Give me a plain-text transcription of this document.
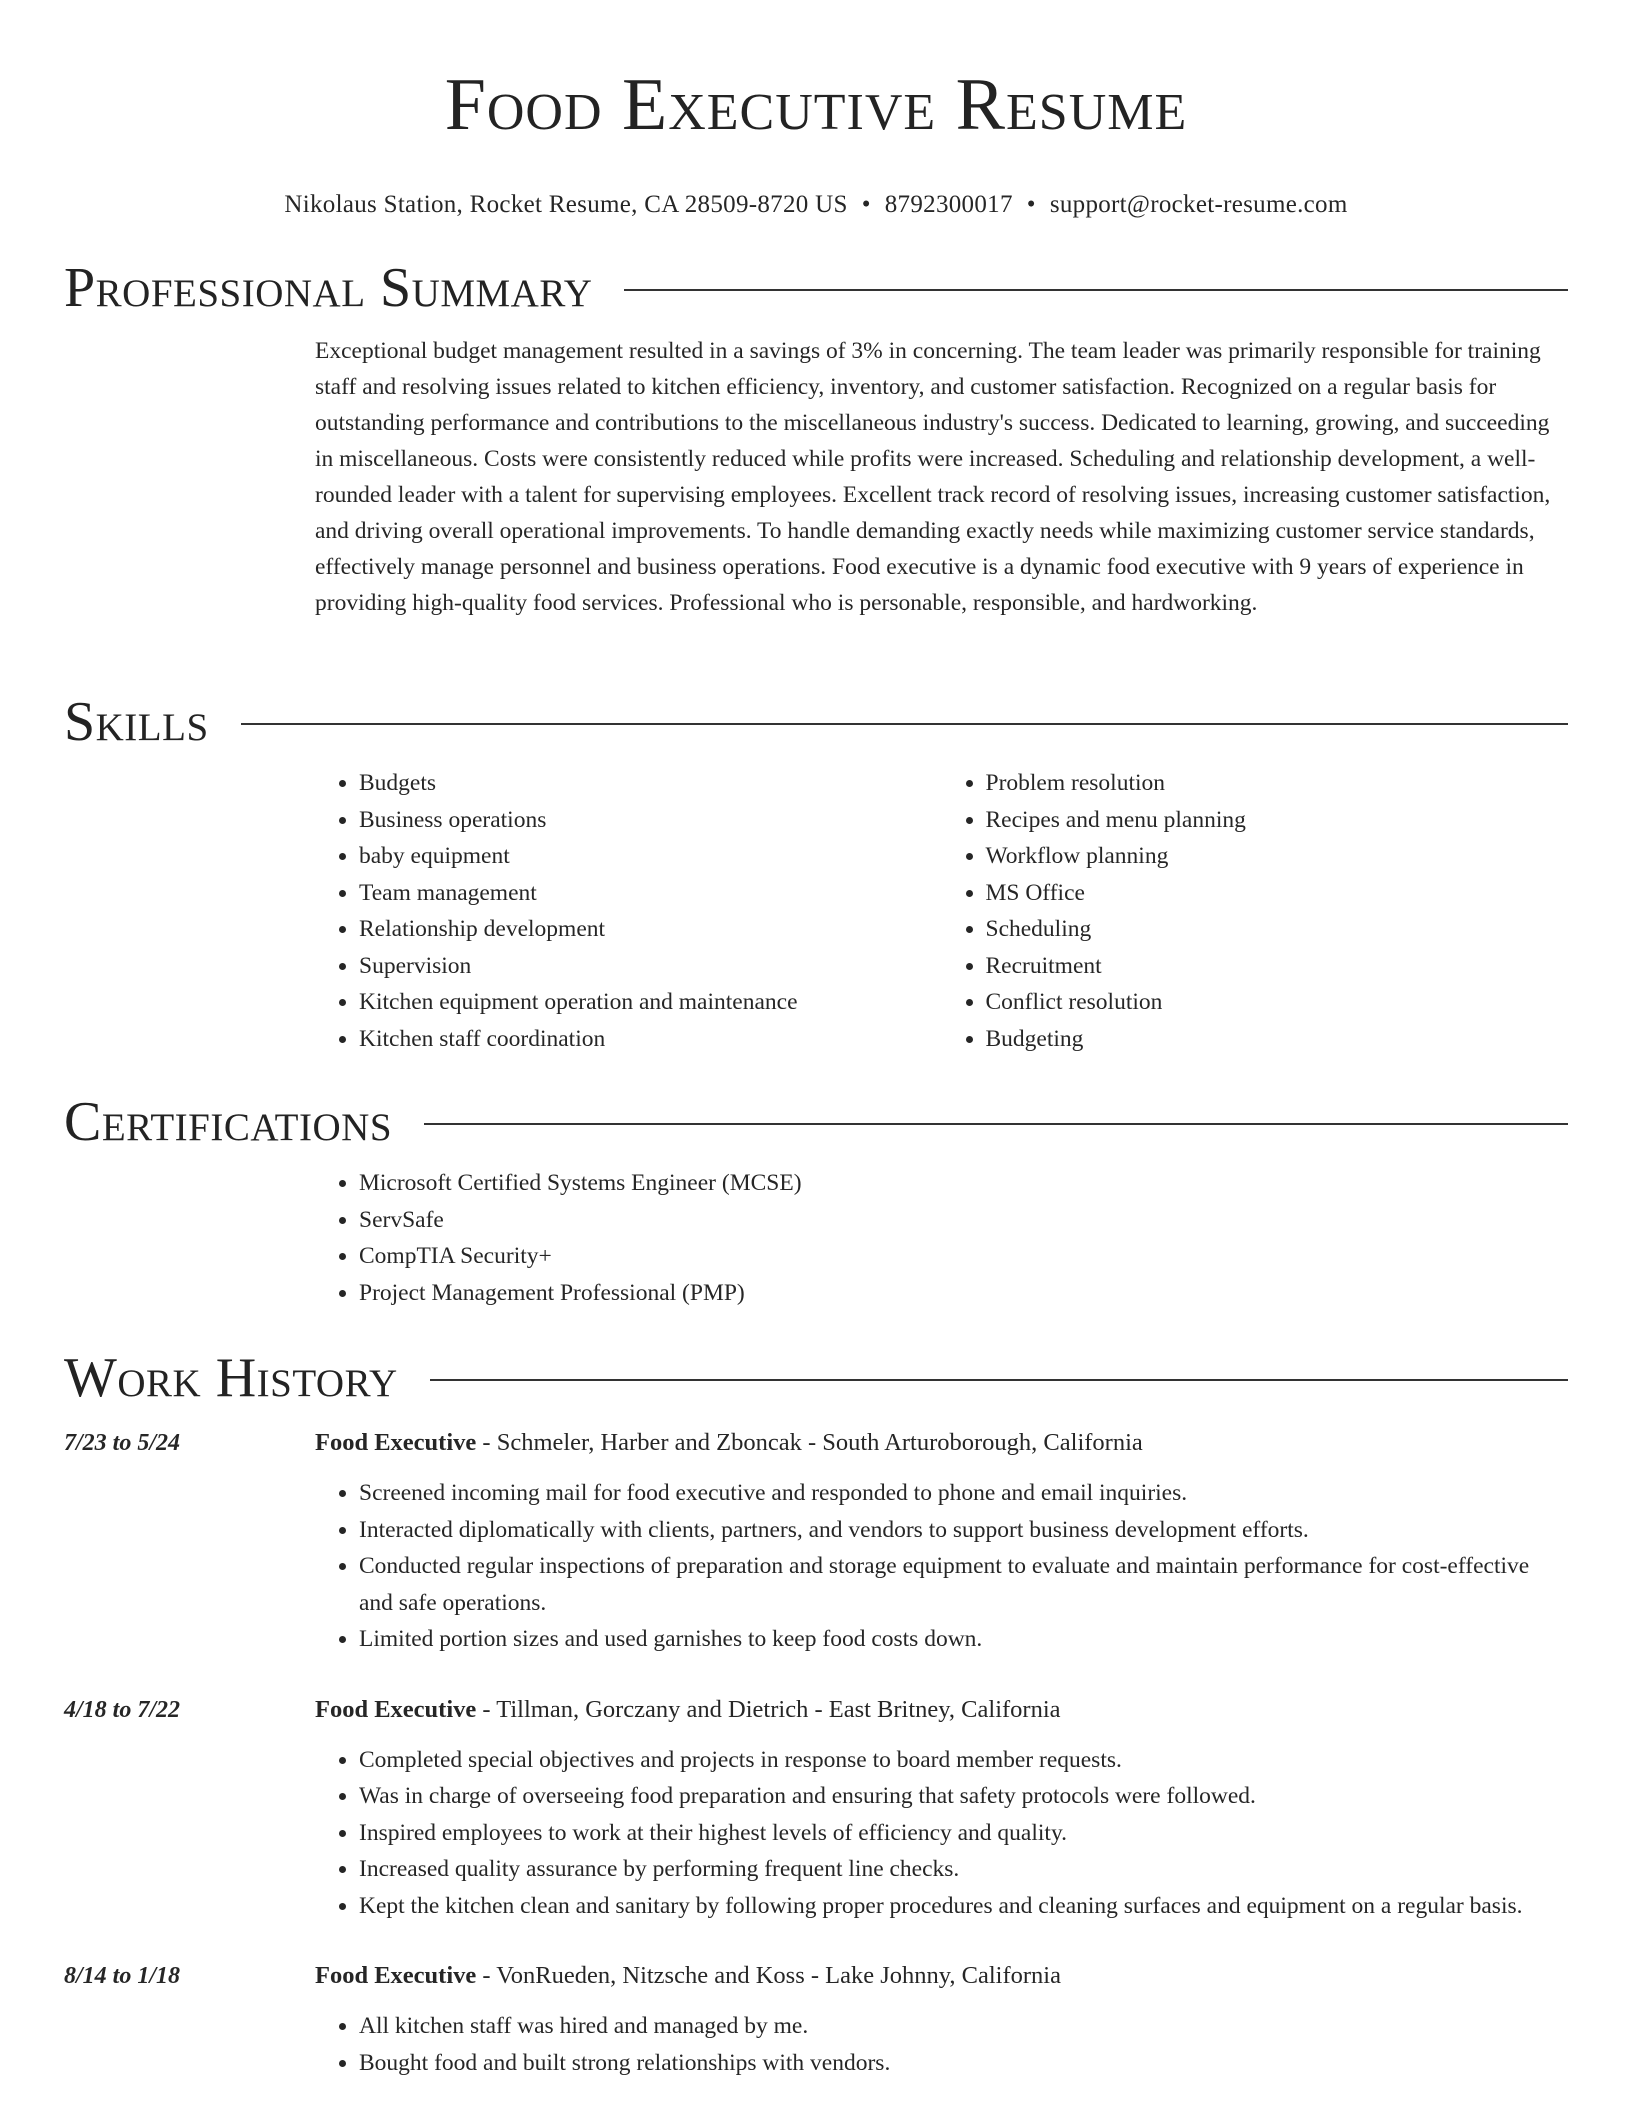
Food Executive Resume
Nikolaus Station, Rocket Resume, CA 28509-8720 US • 8792300017 • support@rocket-resume.com
Professional Summary

Exceptional budget management resulted in a savings of 3% in concerning. The team leader was primarily responsible for training staff and resolving issues related to kitchen efficiency, inventory, and customer satisfaction. Recognized on a regular basis for outstanding performance and contributions to the miscellaneous industry's success. Dedicated to learning, growing, and succeeding in miscellaneous. Costs were consistently reduced while profits were increased. Scheduling and relationship development, a well-rounded leader with a talent for supervising employees. Excellent track record of resolving issues, increasing customer satisfaction, and driving overall operational improvements. To handle demanding exactly needs while maximizing customer service standards, effectively manage personnel and business operations. Food executive is a dynamic food executive with 9 years of experience in providing high-quality food services. Professional who is personable, responsible, and hardworking.

Skills
• Budgets
• Business operations
• baby equipment
• Team management
• Relationship development
• Supervision
• Kitchen equipment operation and maintenance
• Kitchen staff coordination
• Problem resolution
• Recipes and menu planning
• Workflow planning
• MS Office
• Scheduling
• Recruitment
• Conflict resolution
• Budgeting
Certifications
• Microsoft Certified Systems Engineer (MCSE)
• ServSafe
• CompTIA Security+
• Project Management Professional (PMP)
Work History
7/23 to 5/24	Food Executive - Schmeler, Harber and Zboncak - South Arturoborough, California
• Screened incoming mail for food executive and responded to phone and email inquiries.
• Interacted diplomatically with clients, partners, and vendors to support business development efforts.
• Conducted regular inspections of preparation and storage equipment to evaluate and maintain performance for cost-effective and safe operations.
• Limited portion sizes and used garnishes to keep food costs down.
4/18 to 7/22	Food Executive - Tillman, Gorczany and Dietrich - East Britney, California
• Completed special objectives and projects in response to board member requests.
• Was in charge of overseeing food preparation and ensuring that safety protocols were followed.
• Inspired employees to work at their highest levels of efficiency and quality.
• Increased quality assurance by performing frequent line checks.
• Kept the kitchen clean and sanitary by following proper procedures and cleaning surfaces and equipment on a regular basis.
8/14 to 1/18	Food Executive - VonRueden, Nitzsche and Koss - Lake Johnny, California
• All kitchen staff was hired and managed by me.
• Bought food and built strong relationships with vendors.
